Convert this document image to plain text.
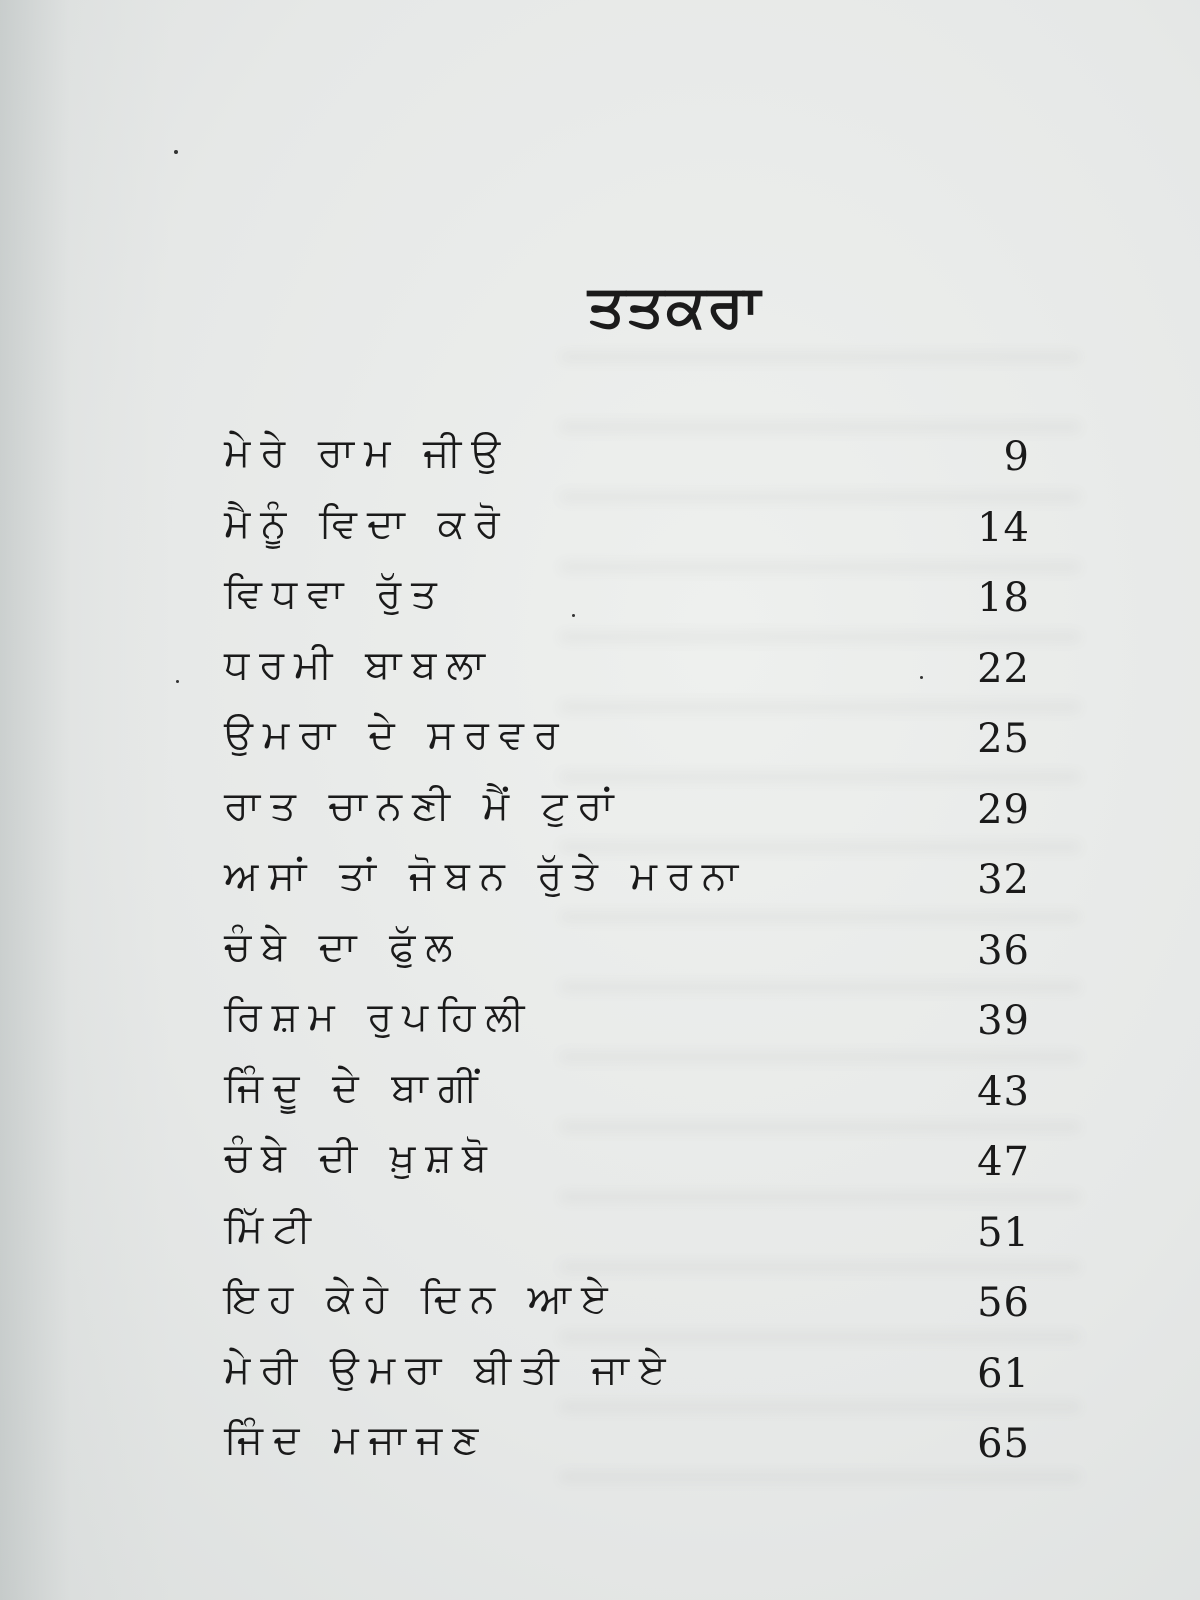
ਤਤਕਰਾ
ਮੇਰੇ ਰਾਮ ਜੀਉ	9
ਮੈਨੂੰ ਵਿਦਾ ਕਰੋ	14
ਵਿਧਵਾ ਰੁੱਤ	18
ਧਰਮੀ ਬਾਬਲਾ	22
ਉਮਰਾ ਦੇ ਸਰਵਰ	25
ਰਾਤ ਚਾਨਣੀ ਮੈਂ ਟੁਰਾਂ	29
ਅਸਾਂ ਤਾਂ ਜੋਬਨ ਰੁੱਤੇ ਮਰਨਾ	32
ਚੰਬੇ ਦਾ ਫੁੱਲ	36
ਰਿਸ਼ਮ ਰੁਪਹਿਲੀ	39
ਜਿੰਦੂ ਦੇ ਬਾਗੀਂ	43
ਚੰਬੇ ਦੀ ਖ਼ੁਸ਼ਬੋ	47
ਮਿੱਟੀ	51
ਇਹ ਕੇਹੇ ਦਿਨ ਆਏ	56
ਮੇਰੀ ਉਮਰਾ ਬੀਤੀ ਜਾਏ	61
ਜਿੰਦ ਮਜਾਜਣ	65
